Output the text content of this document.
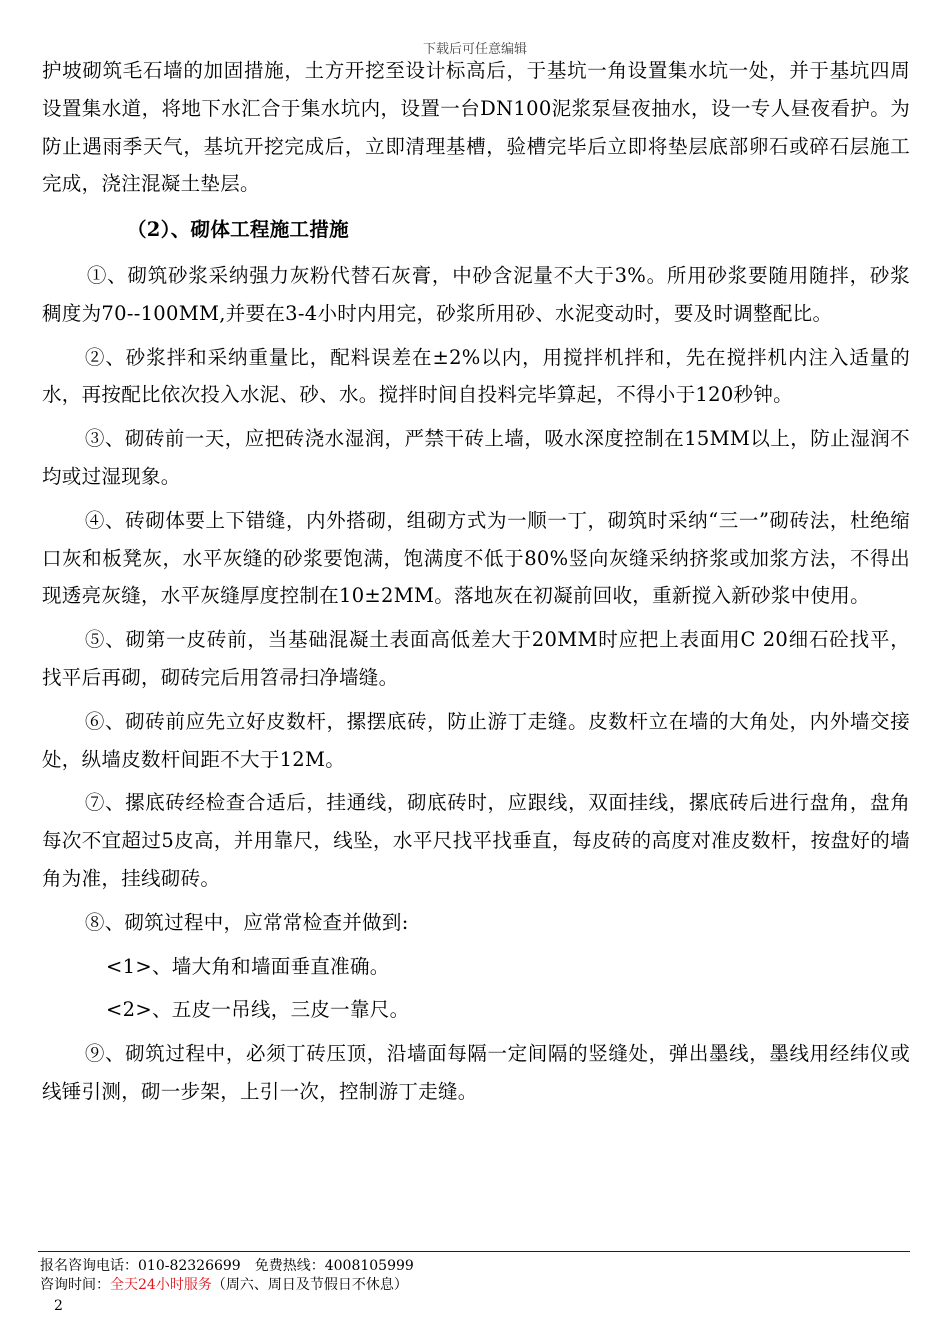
下载后可任意编辑

护坡砌筑毛石墙的加固措施，土方开挖至设计标高后，于基坑一角设置集水坑一处，并于基坑四周设置集水道，将地下水汇合于集水坑内，设置一台DN100泥浆泵昼夜抽水，设一专人昼夜看护。为防止遇雨季天气，基坑开挖完成后，立即清理基槽，验槽完毕后立即将垫层底部卵石或碎石层施工完成，浇注混凝土垫层。

（2）、砌体工程施工措施

①、砌筑砂浆采纳强力灰粉代替石灰膏，中砂含泥量不大于3%。所用砂浆要随用随拌，砂浆稠度为70--100MM,并要在3-4小时内用完，砂浆所用砂、水泥变动时，要及时调整配比。

②、砂浆拌和采纳重量比，配料误差在±2%以内，用搅拌机拌和，先在搅拌机内注入适量的水，再按配比依次投入水泥、砂、水。搅拌时间自投料完毕算起，不得小于120秒钟。

③、砌砖前一天，应把砖浇水湿润，严禁干砖上墙，吸水深度控制在15MM以上，防止湿润不均或过湿现象。

④、砖砌体要上下错缝，内外搭砌，组砌方式为一顺一丁，砌筑时采纳“三一”砌砖法，杜绝缩口灰和板凳灰，水平灰缝的砂浆要饱满，饱满度不低于80%竖向灰缝采纳挤浆或加浆方法，不得出现透亮灰缝，水平灰缝厚度控制在10±2MM。落地灰在初凝前回收，重新搅入新砂浆中使用。

⑤、砌第一皮砖前，当基础混凝土表面高低差大于20MM时应把上表面用C 20细石砼找平，找平后再砌，砌砖完后用笤帚扫净墙缝。

⑥、砌砖前应先立好皮数杆，摞摆底砖，防止游丁走缝。皮数杆立在墙的大角处，内外墙交接处，纵墙皮数杆间距不大于12M。

⑦、摞底砖经检查合适后，挂通线，砌底砖时，应跟线，双面挂线，摞底砖后进行盘角，盘角每次不宜超过5皮高，并用靠尺，线坠，水平尺找平找垂直，每皮砖的高度对准皮数杆，按盘好的墙角为准，挂线砌砖。

⑧、砌筑过程中，应常常检查并做到:

<1>、墙大角和墙面垂直准确。

<2>、五皮一吊线，三皮一靠尺。

⑨、砌筑过程中，必须丁砖压顶，沿墙面每隔一定间隔的竖缝处，弹出墨线，墨线用经纬仪或线锤引测，砌一步架，上引一次，控制游丁走缝。

报名咨询电话：010-82326699 免费热线：4008105999
咨询时间：全天24小时服务（周六、周日及节假日不休息）
2
